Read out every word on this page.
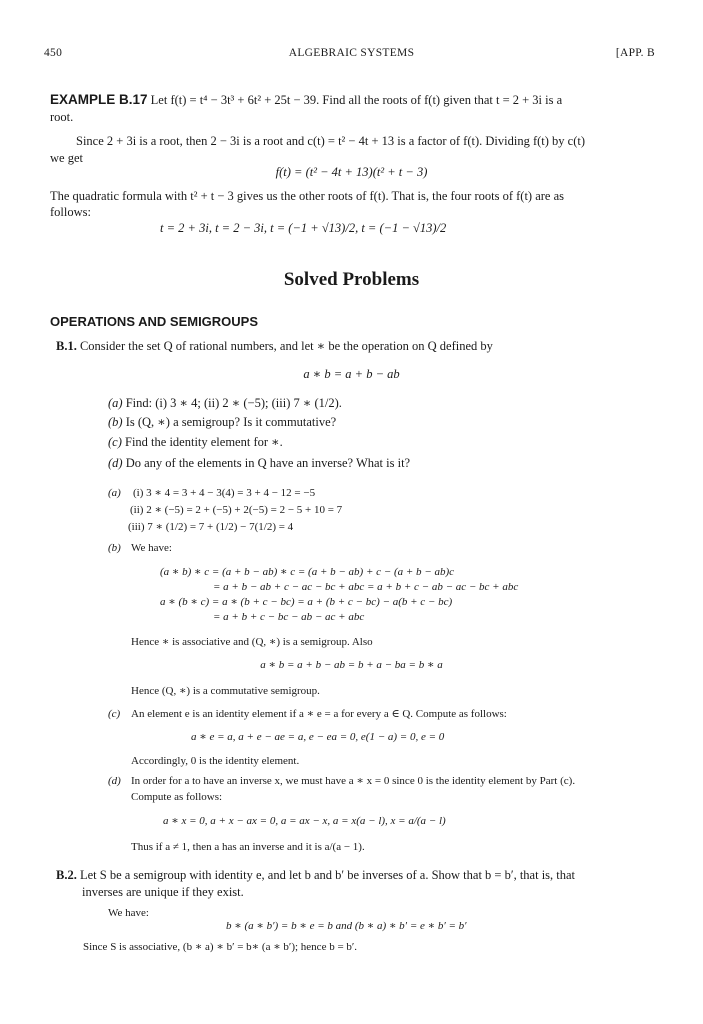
450	ALGEBRAIC SYSTEMS	[APP. B
EXAMPLE B.17 Let f(t) = t⁴ − 3t³ + 6t² + 25t − 39. Find all the roots of f(t) given that t = 2 + 3i is a
root.
Since 2 + 3i is a root, then 2 − 3i is a root and c(t) = t² − 4t + 13 is a factor of f(t). Dividing f(t) by c(t)
we get
f(t) = (t² − 4t + 13)(t² + t − 3)
The quadratic formula with t² + t − 3 gives us the other roots of f(t). That is, the four roots of f(t) are as
follows:
t = 2 + 3i, t = 2 − 3i, t = (−1 + √13)/2, t = (−1 − √13)/2
Solved Problems
OPERATIONS AND SEMIGROUPS
B.1. Consider the set Q of rational numbers, and let ∗ be the operation on Q defined by
a ∗ b = a + b − ab
(a) Find: (i) 3 ∗ 4; (ii) 2 ∗ (−5); (iii) 7 ∗ (1/2).
(b) Is (Q, ∗) a semigroup? Is it commutative?
(c) Find the identity element for ∗.
(d) Do any of the elements in Q have an inverse? What is it?
(a) (i) 3 ∗ 4 = 3 + 4 − 3(4) = 3 + 4 − 12 = −5
(ii) 2 ∗ (−5) = 2 + (−5) + 2(−5) = 2 − 5 + 10 = 7
(iii) 7 ∗ (1/2) = 7 + (1/2) − 7(1/2) = 4
(b) We have:
(a ∗ b) ∗ c = (a + b − ab) ∗ c = (a + b − ab) + c − (a + b − ab)c
= a + b − ab + c − ac − bc + abc = a + b + c − ab − ac − bc + abc
a ∗ (b ∗ c) = a ∗ (b + c − bc) = a + (b + c − bc) − a(b + c − bc)
= a + b + c − bc − ab − ac + abc
Hence ∗ is associative and (Q, ∗) is a semigroup. Also
a ∗ b = a + b − ab = b + a − ba = b ∗ a
Hence (Q, ∗) is a commutative semigroup.
(c) An element e is an identity element if a ∗ e = a for every a ∈ Q. Compute as follows:
a ∗ e = a, a + e − ae = a, e − ea = 0, e(1 − a) = 0, e = 0
Accordingly, 0 is the identity element.
(d) In order for a to have an inverse x, we must have a ∗ x = 0 since 0 is the identity element by Part (c).
Compute as follows:
a ∗ x = 0, a + x − ax = 0, a = ax − x, a = x(a − l), x = a/(a − l)
Thus if a ≠ 1, then a has an inverse and it is a/(a − 1).
B.2. Let S be a semigroup with identity e, and let b and b′ be inverses of a. Show that b = b′, that is, that
inverses are unique if they exist.
We have:
b ∗ (a ∗ b′) = b ∗ e = b and (b ∗ a) ∗ b′ = e ∗ b′ = b′
Since S is associative, (b ∗ a) ∗ b′ = b∗ (a ∗ b′); hence b = b′.
